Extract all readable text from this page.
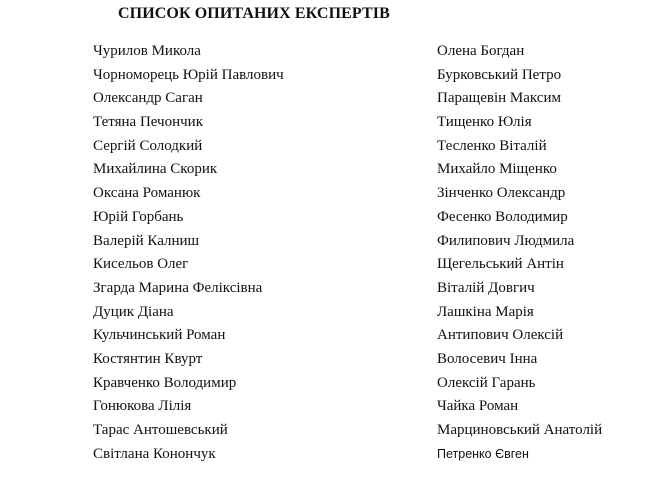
СПИСОК ОПИТАНИХ ЕКСПЕРТІВ
Чурилов Микола
Чорноморець Юрій Павлович
Олександр Саган
Тетяна Печончик
Сергій Солодкий
Михайлина Скорик
Оксана Романюк
Юрій Горбань
Валерій Калниш
Кисельов Олег
Згарда Марина Феліксівна
Дуцик Діана
Кульчинський Роман
Костянтин Квурт
Кравченко Володимир
Гонюкова Лілія
Тарас Антошевський
Світлана Конончук
Олена Богдан
Бурковський Петро
Паращевін Максим
Тищенко Юлія
Тесленко Віталій
Михайло Міщенко
Зінченко Олександр
Фесенко Володимир
Филипович Людмила
Щегельський Антін
Віталій Довгич
Лашкіна Марія
Антипович Олексій
Волосевич Інна
Олексій Гарань
Чайка Роман
Марциновський Анатолій
Петренко Євген
